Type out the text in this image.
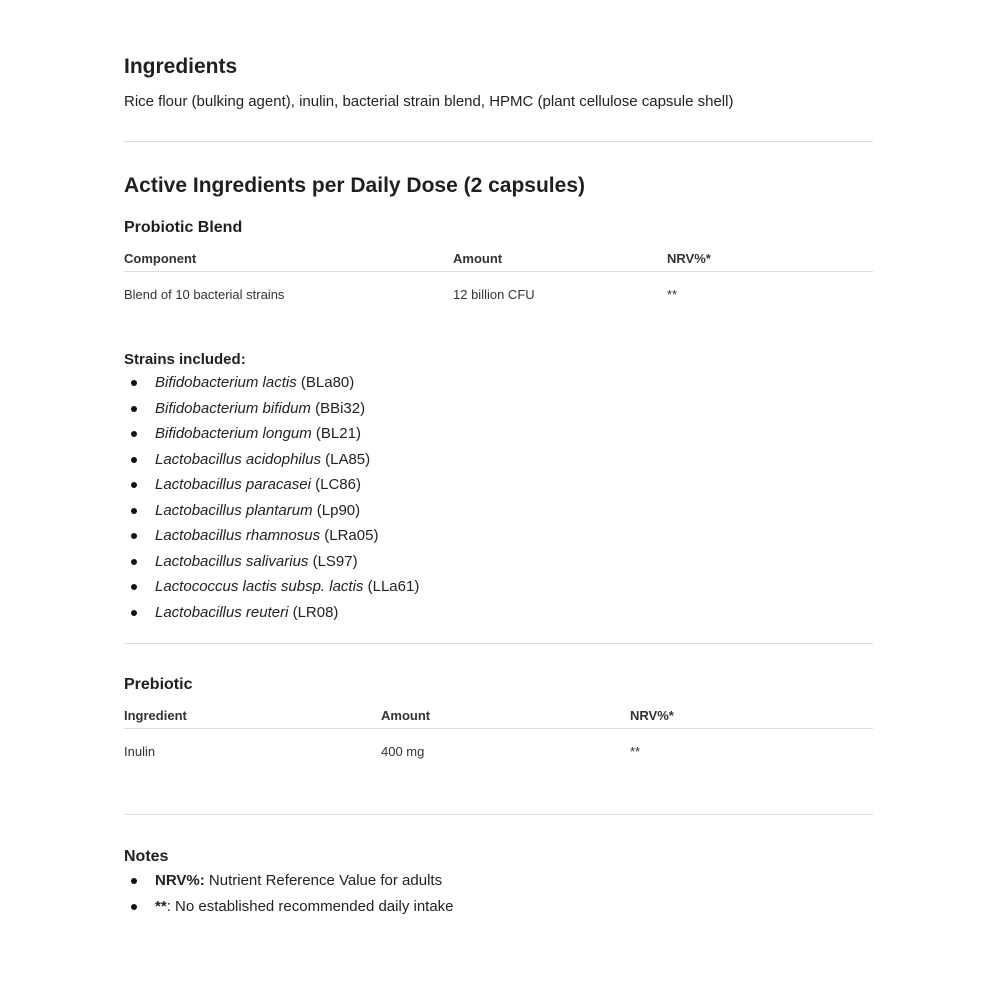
Ingredients

Rice flour (bulking agent), inulin, bacterial strain blend, HPMC (plant cellulose capsule shell)

Active Ingredients per Daily Dose (2 capsules)
Probiotic Blend
Component	Amount	NRV%*
Blend of 10 bacterial strains	12 billion CFU	**
Strains included:
Bifidobacterium lactis (BLa80)
Bifidobacterium bifidum (BBi32)
Bifidobacterium longum (BL21)
Lactobacillus acidophilus (LA85)
Lactobacillus paracasei (LC86)
Lactobacillus plantarum (Lp90)
Lactobacillus rhamnosus (LRa05)
Lactobacillus salivarius (LS97)
Lactococcus lactis subsp. lactis (LLa61)
Lactobacillus reuteri (LR08)
Prebiotic
Ingredient	Amount	NRV%*
Inulin	400 mg	**
Notes
NRV%: Nutrient Reference Value for adults
**: No established recommended daily intake
